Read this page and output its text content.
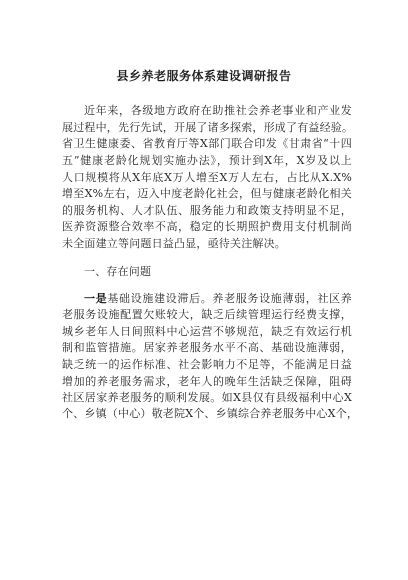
县乡养老服务体系建设调研报告
近年来，各级地方政府在助推社会养老事业和产业发
展过程中，先行先试，开展了诸多探索，形成了有益经验。
省卫生健康委、省教育厅等X部门联合印发《甘肃省“十四
五”健康老龄化规划实施办法》，预计到X年，X岁及以上
人口规模将从X年底X万人增至X万人左右，占比从X.X%
增至X%左右，迈入中度老龄化社会，但与健康老龄化相关
的服务机构、人才队伍、服务能力和政策支持明显不足，
医养资源整合效率不高，稳定的长期照护费用支付机制尚
未全面建立等问题日益凸显，亟待关注解决。
一、存在问题
一是基础设施建设滞后。养老服务设施薄弱，社区养
老服务设施配置欠账较大，缺乏后续管理运行经费支撑，
城乡老年人日间照料中心运营不够规范，缺乏有效运行机
制和监管措施。居家养老服务水平不高、基础设施薄弱，
缺乏统一的运作标准、社会影响力不足等，不能满足日益
增加的养老服务需求，老年人的晚年生活缺乏保障，阻碍
社区居家养老服务的顺利发展。如X县仅有县级福利中心X
个、乡镇（中心）敬老院X个、乡镇综合养老服务中心X个，
